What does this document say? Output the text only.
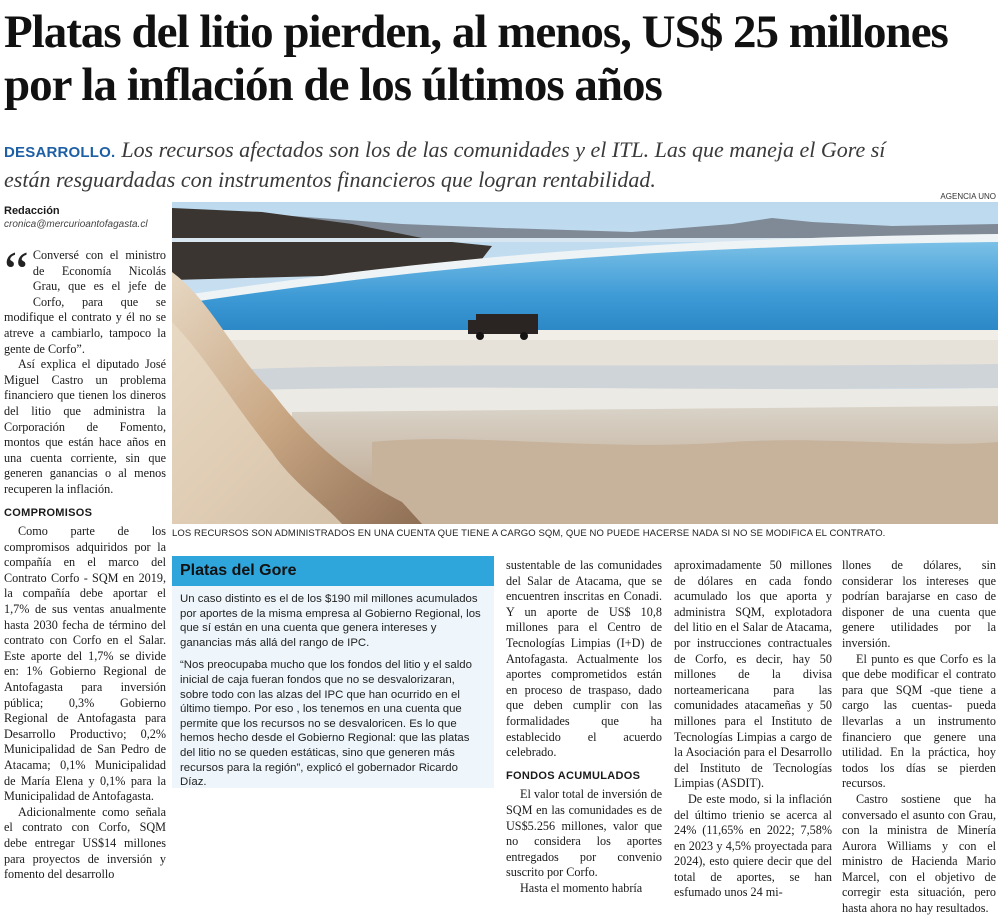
Platas del litio pierden, al menos, US$ 25 millones por la inflación de los últimos años
DESARROLLO. Los recursos afectados son los de las comunidades y el ITL. Las que maneja el Gore sí están resguardadas con instrumentos financieros que logran rentabilidad.
AGENCIA UNO
Redacción
cronica@mercurioantofagasta.cl
LOS RECURSOS SON ADMINISTRADOS EN UNA CUENTA QUE TIENE A CARGO SQM, QUE NO PUEDE HACERSE NADA SI NO SE MODIFICA EL CONTRATO.
“ Conversé con el ministro de Economía Nicolás Grau, que es el jefe de Corfo, para que se modifique el contrato y él no se atreve a cambiarlo, tampoco la gente de Corfo”.

Así explica el diputado José Miguel Castro un problema financiero que tienen los dineros del litio que administra la Corporación de Fomento, montos que están hace años en una cuenta corriente, sin que generen ganancias o al menos recuperen la inflación.

COMPROMISOS

Como parte de los compromisos adquiridos por la compañía en el marco del Contrato Corfo - SQM en 2019, la compañía debe aportar el 1,7% de sus ventas anualmente hasta 2030 fecha de término del contrato con Corfo en el Salar. Este aporte del 1,7% se divide en: 1% Gobierno Regional de Antofagasta para inversión pública; 0,3% Gobierno Regional de Antofagasta para Desarrollo Productivo; 0,2% Municipalidad de San Pedro de Atacama; 0,1% Municipalidad de María Elena y 0,1% para la Municipalidad de Antofagasta.

Adicionalmente como señala el contrato con Corfo, SQM debe entregar US$14 millones para proyectos de inversión y fomento del desarrollo

Platas del Gore

Un caso distinto es el de los $190 mil millones acumulados por aportes de la misma empresa al Gobierno Regional, los que sí están en una cuenta que genera intereses y ganancias más allá del rango de IPC.

“Nos preocupaba mucho que los fondos del litio y el saldo inicial de caja fueran fondos que no se desvalorizaran, sobre todo con las alzas del IPC que han ocurrido en el último tiempo. Por eso , los tenemos en una cuenta que permite que los recursos no se desvaloricen. Es lo que hemos hecho desde el Gobierno Regional: que las platas del litio no se queden estáticas, sino que generen más recursos para la región”, explicó el gobernador Ricardo Díaz.

sustentable de las comunidades del Salar de Atacama, que se encuentren inscritas en Conadi. Y un aporte de US$ 10,8 millones para el Centro de Tecnologías Limpias (I+D) de Antofagasta. Actualmente los aportes comprometidos están en proceso de traspaso, dado que deben cumplir con las formalidades que ha establecido el acuerdo celebrado.

FONDOS ACUMULADOS

El valor total de inversión de SQM en las comunidades es de US$5.256 millones, valor que no considera los aportes entregados por convenio suscrito por Corfo.

Hasta el momento habría

aproximadamente 50 millones de dólares en cada fondo acumulado los que aporta y administra SQM, explotadora del litio en el Salar de Atacama, por instrucciones contractuales de Corfo, es decir, hay 50 millones de la divisa norteamericana para las comunidades atacameñas y 50 millones para el Instituto de Tecnologías Limpias a cargo de la Asociación para el Desarrollo del Instituto de Tecnologías Limpias (ASDIT).

De este modo, si la inflación del último trienio se acerca al 24% (11,65% en 2022; 7,58% en 2023 y 4,5% proyectada para 2024), esto quiere decir que del total de aportes, se han esfumado unos 24 mi-

llones de dólares, sin considerar los intereses que podrían barajarse en caso de disponer de una cuenta que genere utilidades por la inversión.

El punto es que Corfo es la que debe modificar el contrato para que SQM -que tiene a cargo las cuentas- pueda llevarlas a un instrumento financiero que genere una utilidad. En la práctica, hoy todos los días se pierden recursos.

Castro sostiene que ha conversado el asunto con Grau, con la ministra de Minería Aurora Williams y con el ministro de Hacienda Mario Marcel, con el objetivo de corregir esta situación, pero hasta ahora no hay resultados.
